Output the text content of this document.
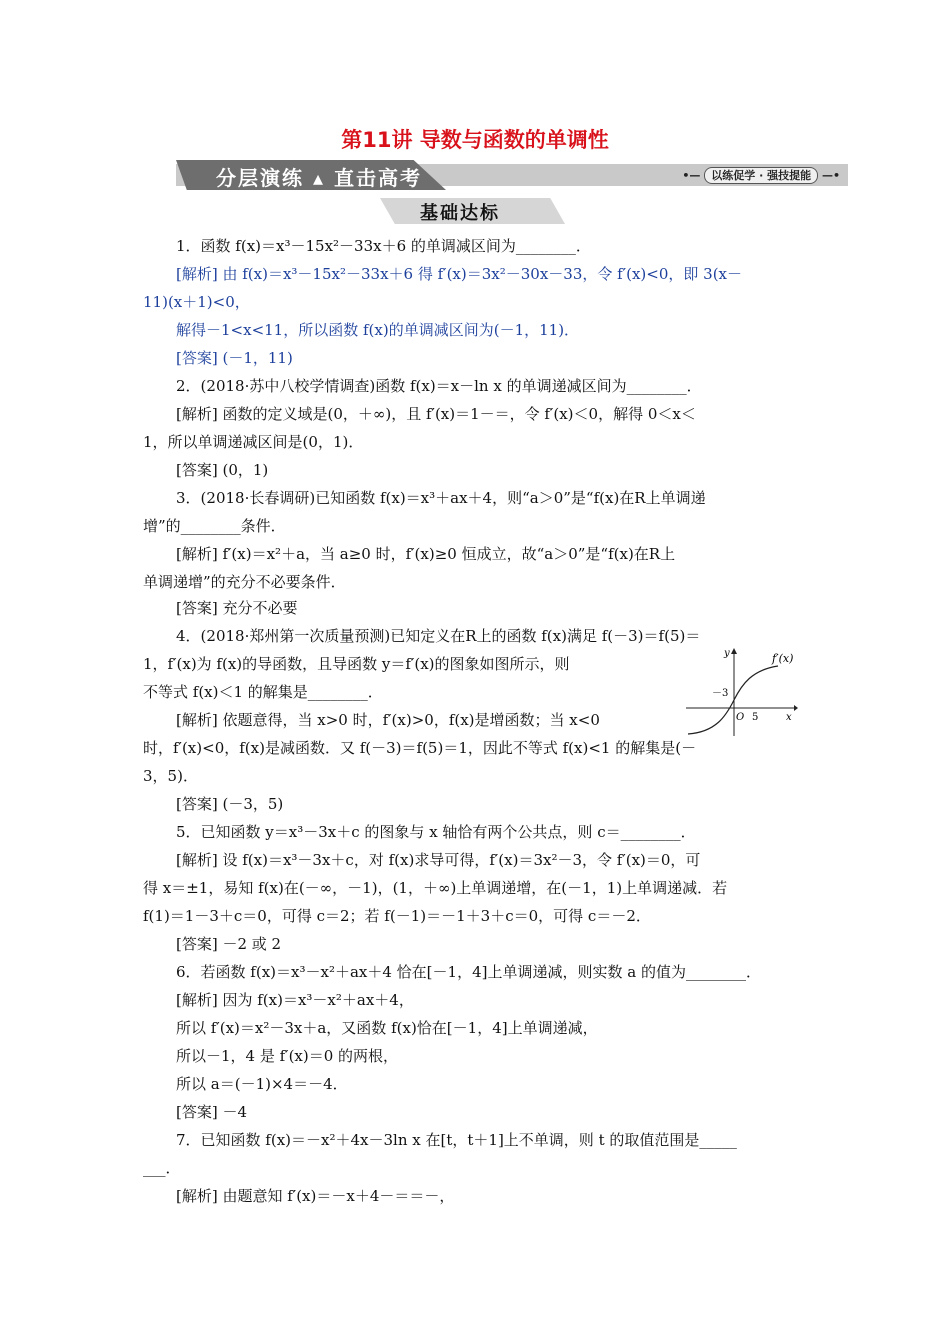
第11讲 导数与函数的单调性
分层演练 ▴ 直击高考	•— 以练促学 · 强技提能 —•
基础达标
1．函数 f(x)＝x³－15x²－33x＋6 的单调减区间为________．
[解析] 由 f(x)＝x³－15x²－33x＋6 得 f′(x)＝3x²－30x－33，令 f′(x)<0，即 3(x－
11)(x＋1)<0，
解得－1<x<11，所以函数 f(x)的单调减区间为(－1，11)．
[答案] (－1，11)
2．(2018·苏中八校学情调查)函数 f(x)＝x－ln x 的单调递减区间为________．
[解析] 函数的定义域是(0，＋∞)，且 f′(x)＝1－＝，令 f′(x)＜0，解得 0＜x＜
1，所以单调递减区间是(0，1)．
[答案] (0，1)
3．(2018·长春调研)已知函数 f(x)＝x³＋ax＋4，则“a＞0”是“f(x)在R上单调递
增”的________条件．
[解析] f′(x)＝x²＋a，当 a≥0 时，f′(x)≥0 恒成立，故“a＞0”是“f(x)在R上
单调递增”的充分不必要条件．
[答案] 充分不必要
4．(2018·郑州第一次质量预测)已知定义在R上的函数 f(x)满足 f(－3)＝f(5)＝
1，f′(x)为 f(x)的导函数，且导函数 y＝f′(x)的图象如图所示，则
不等式 f(x)＜1 的解集是________．
[解析] 依题意得，当 x>0 时，f′(x)>0，f(x)是增函数；当 x<0
时，f′(x)<0，f(x)是减函数．又 f(－3)＝f(5)＝1，因此不等式 f(x)<1 的解集是(－
3，5)．
[答案] (－3，5)
5．已知函数 y＝x³－3x＋c 的图象与 x 轴恰有两个公共点，则 c＝________．
[解析] 设 f(x)＝x³－3x＋c，对 f(x)求导可得，f′(x)＝3x²－3，令 f′(x)＝0，可
得 x＝±1，易知 f(x)在(－∞，－1)，(1，＋∞)上单调递增，在(－1，1)上单调递减．若
f(1)＝1－3＋c＝0，可得 c＝2；若 f(－1)＝－1＋3＋c＝0，可得 c＝－2．
[答案] －2 或 2
6．若函数 f(x)＝x³－x²＋ax＋4 恰在[－1，4]上单调递减，则实数 a 的值为________．
[解析] 因为 f(x)＝x³－x²＋ax＋4，
所以 f′(x)＝x²－3x＋a，又函数 f(x)恰在[－1，4]上单调递减，
所以－1，4 是 f′(x)＝0 的两根，
所以 a＝(－1)×4＝－4．
[答案] －4
7．已知函数 f(x)＝－x²＋4x－3ln x 在[t，t＋1]上不单调，则 t 的取值范围是_____
___．
[解析] 由题意知 f′(x)＝－x＋4－＝＝－，
f′(x)
y
x
－3
O 5
